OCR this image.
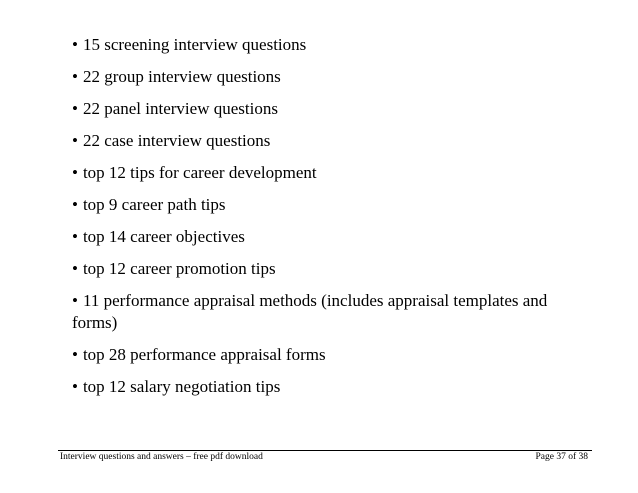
• 15 screening interview questions
• 22 group interview questions
• 22 panel interview questions
• 22 case interview questions
• top 12 tips for career development
• top 9 career path tips
• top 14 career objectives
• top 12 career promotion tips
• 11 performance appraisal methods (includes appraisal templates and forms)
• top 28 performance appraisal forms
• top 12 salary negotiation tips
Interview questions and answers – free pdf download	Page 37 of 38
